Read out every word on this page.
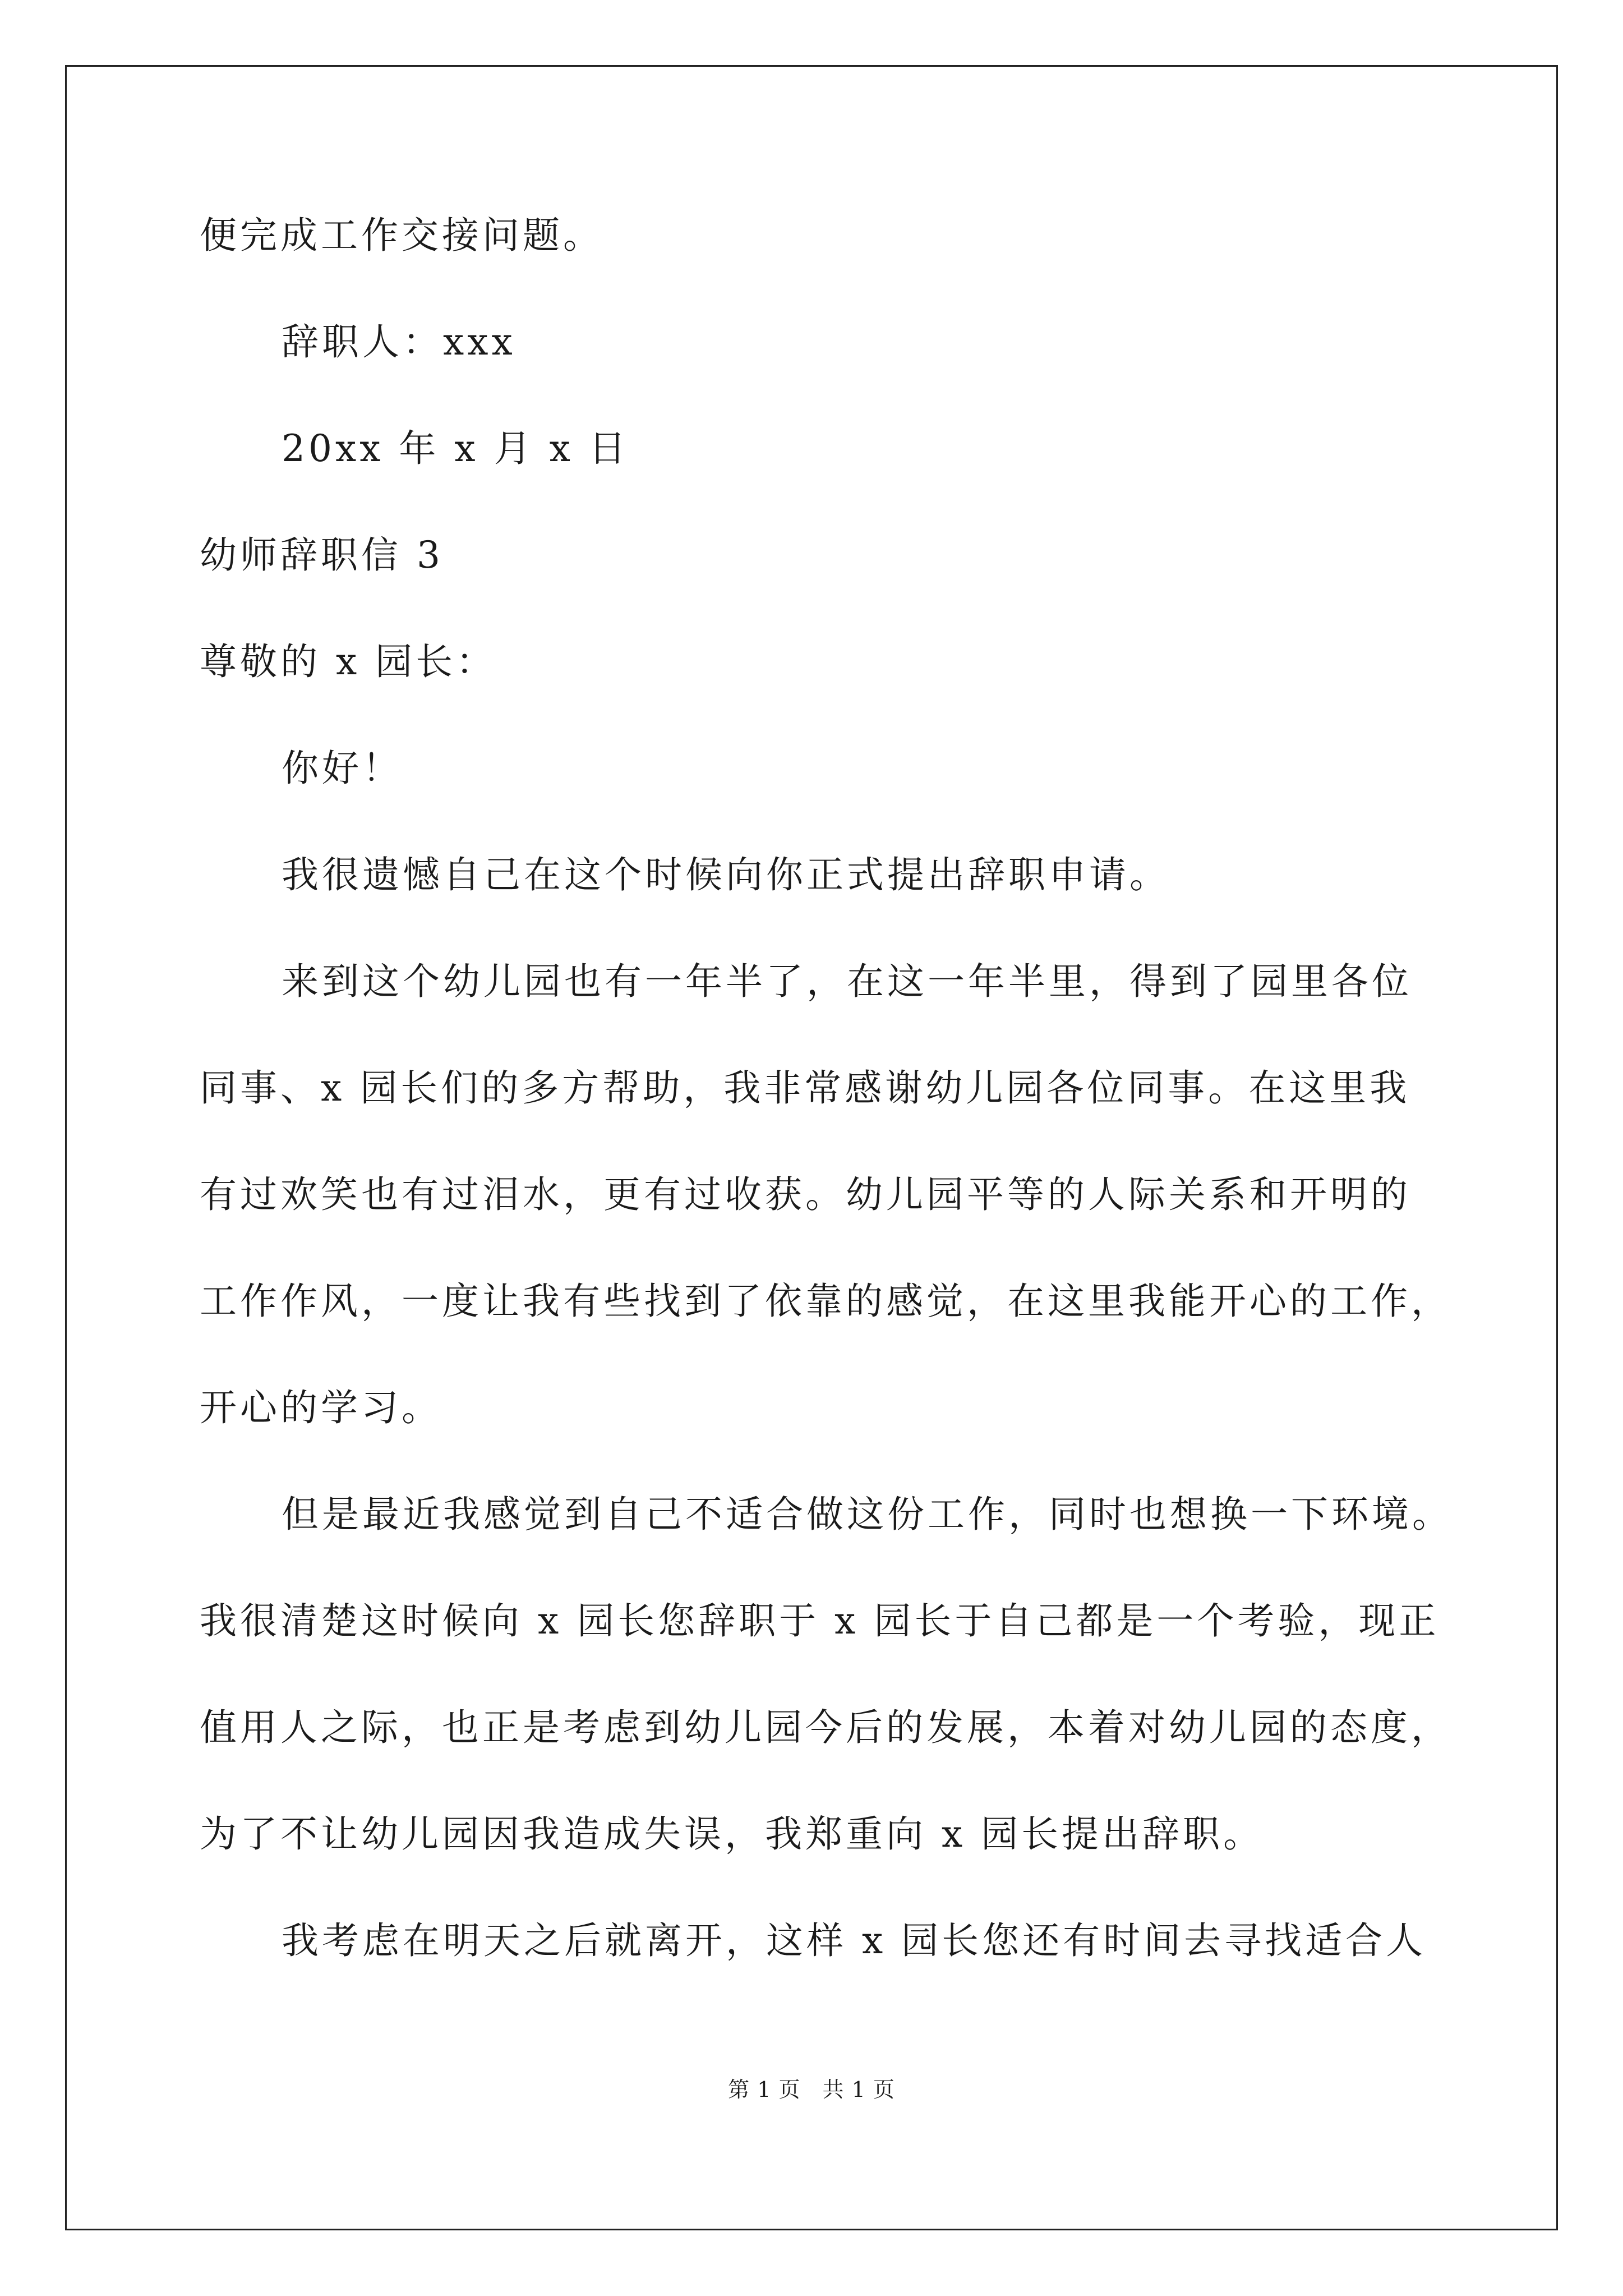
便完成工作交接问题。
辞职人：xxx
20xx 年 x 月 x 日
幼师辞职信 3
尊敬的 x 园长：
你好！
我很遗憾自己在这个时候向你正式提出辞职申请。
来到这个幼儿园也有一年半了，在这一年半里，得到了园里各位
同事、x 园长们的多方帮助，我非常感谢幼儿园各位同事。在这里我
有过欢笑也有过泪水，更有过收获。幼儿园平等的人际关系和开明的
工作作风，一度让我有些找到了依靠的感觉，在这里我能开心的工作，
开心的学习。
但是最近我感觉到自己不适合做这份工作，同时也想换一下环境。
我很清楚这时候向 x 园长您辞职于 x 园长于自己都是一个考验，现正
值用人之际，也正是考虑到幼儿园今后的发展，本着对幼儿园的态度，
为了不让幼儿园因我造成失误，我郑重向 x 园长提出辞职。
我考虑在明天之后就离开，这样 x 园长您还有时间去寻找适合人
第 1 页　共 1 页
